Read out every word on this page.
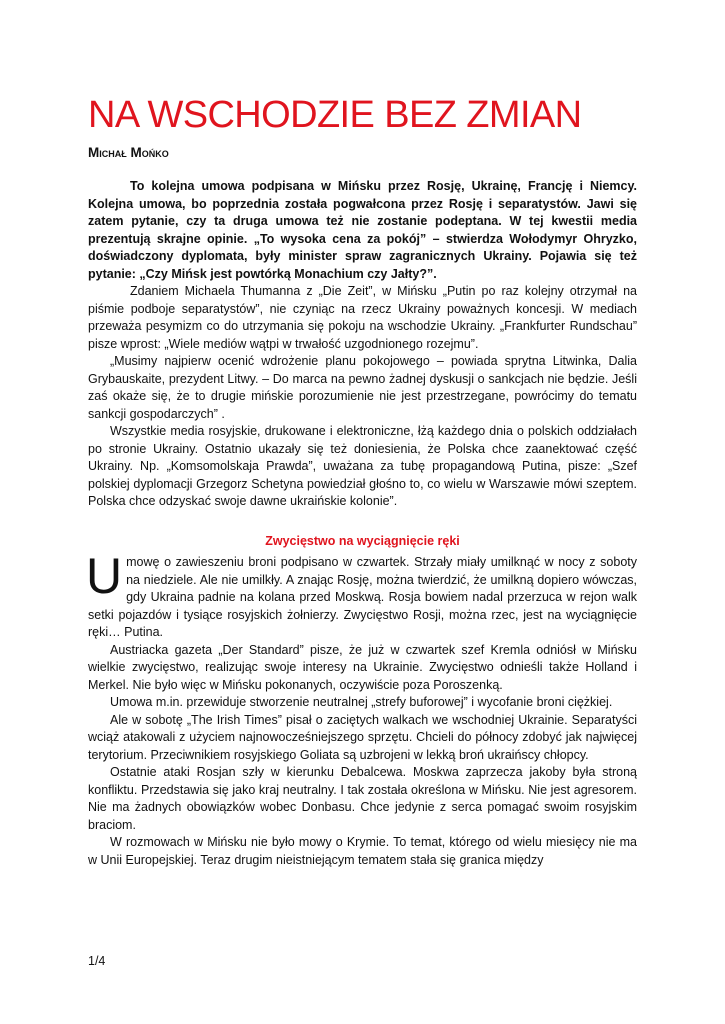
NA WSCHODZIE BEZ ZMIAN
Michał Mońko

To kolejna umowa podpisana w Mińsku przez Rosję, Ukrainę, Francję i Niemcy. Kolejna umowa, bo poprzednia została pogwałcona przez Rosję i separatystów. Jawi się zatem pytanie, czy ta druga umowa też nie zostanie podeptana. W tej kwestii media prezentują skrajne opinie. „To wysoka cena za pokój” – stwierdza Wołodymyr Ohryzko, doświadczony dyplomata, były minister spraw zagranicznych Ukrainy. Pojawia się też pytanie: „Czy Mińsk jest powtórką Monachium czy Jałty?”.

Zdaniem Michaela Thumanna z „Die Zeit”, w Mińsku „Putin po raz kolejny otrzymał na piśmie podboje separatystów”, nie czyniąc na rzecz Ukrainy poważnych koncesji. W mediach przeważa pesymizm co do utrzymania się pokoju na wschodzie Ukrainy. „Frankfurter Rundschau” pisze wprost: „Wiele mediów wątpi w trwałość uzgodnionego rozejmu”.

„Musimy najpierw ocenić wdrożenie planu pokojowego – powiada sprytna Litwinka, Dalia Grybauskaite, prezydent Litwy. – Do marca na pewno żadnej dyskusji o sankcjach nie będzie. Jeśli zaś okaże się, że to drugie mińskie porozumienie nie jest przestrzegane, powrócimy do tematu sankcji gospodarczych” .

Wszystkie media rosyjskie, drukowane i elektroniczne, łżą każdego dnia o polskich oddziałach po stronie Ukrainy. Ostatnio ukazały się też doniesienia, że Polska chce zaanektować część Ukrainy. Np. „Komsomolskaja Prawda”, uważana za tubę propagandową Putina, pisze: „Szef polskiej dyplomacji Grzegorz Schetyna powiedział głośno to, co wielu w Warszawie mówi szeptem. Polska chce odzyskać swoje dawne ukraińskie kolonie”.

Zwycięstwo na wyciągnięcie ręki

Umowę o zawieszeniu broni podpisano w czwartek. Strzały miały umilknąć w nocy z soboty na niedziele. Ale nie umilkły. A znając Rosję, można twierdzić, że umilkną dopiero wówczas, gdy Ukraina padnie na kolana przed Moskwą. Rosja bowiem nadal przerzuca w rejon walk setki pojazdów i tysiące rosyjskich żołnierzy. Zwycięstwo Rosji, można rzec, jest na wyciągnięcie ręki… Putina.

Austriacka gazeta „Der Standard” pisze, że już w czwartek szef Kremla odniósł w Mińsku wielkie zwycięstwo, realizując swoje interesy na Ukrainie. Zwycięstwo odnieśli także Holland i Merkel. Nie było więc w Mińsku pokonanych, oczywiście poza Poroszenką.

Umowa m.in. przewiduje stworzenie neutralnej „strefy buforowej” i wycofanie broni ciężkiej.

Ale w sobotę „The Irish Times” pisał o zaciętych walkach we wschodniej Ukrainie. Separatyści wciąż atakowali z użyciem najnowocześniejszego sprzętu. Chcieli do północy zdobyć jak najwięcej terytorium. Przeciwnikiem rosyjskiego Goliata są uzbrojeni w lekką broń ukraińscy chłopcy.

Ostatnie ataki Rosjan szły w kierunku Debalcewa. Moskwa zaprzecza jakoby była stroną konfliktu. Przedstawia się jako kraj neutralny. I tak została określona w Mińsku. Nie jest agresorem. Nie ma żadnych obowiązków wobec Donbasu. Chce jedynie z serca pomagać swoim rosyjskim braciom.

W rozmowach w Mińsku nie było mowy o Krymie. To temat, którego od wielu miesięcy nie ma w Unii Europejskiej. Teraz drugim nieistniejącym tematem stała się granica między

1/4
